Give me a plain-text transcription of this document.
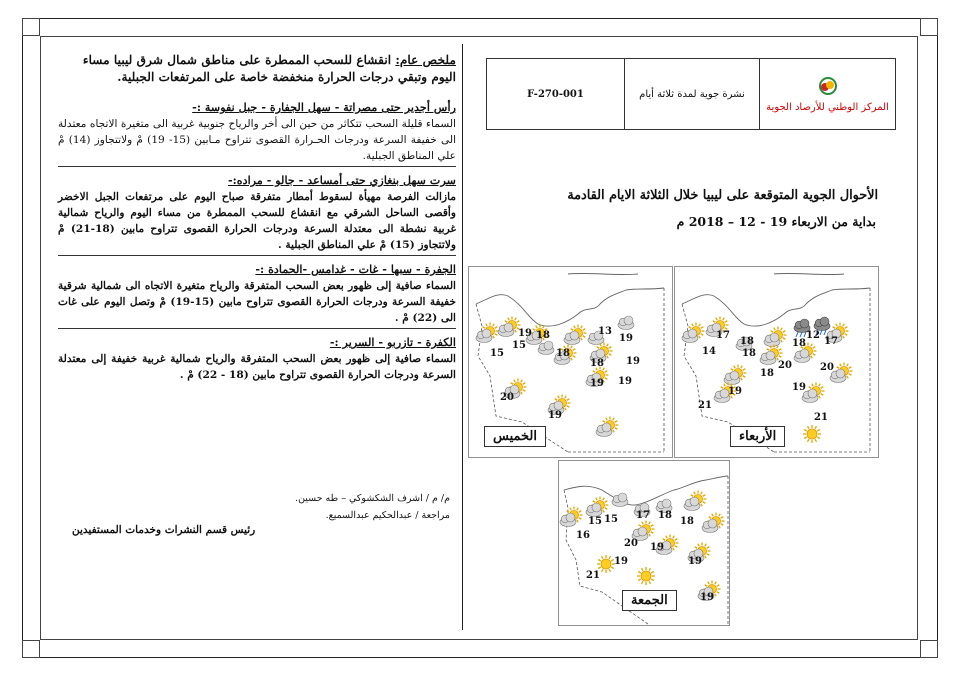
ملخص عام: انقشاع للسحب الممطرة على مناطق شمال شرق ليبيا مساء اليوم وتبقي درجات الحرارة منخفضة خاصة على المرتفعات الجبلية.

رأس أجدير حتى مصراتة - سهل الجفارة - جبل نفوسة :-

السماء قليلة السحب تتكاثر من حين الى أخر والرياح جنوبية غربية الى متغيرة الاتجاه معتدلة الى خفيفة السرعة ودرجات الحـرارة القصوى تتراوح مـابين (15- 19) مْ ولاتتجاوز (14) مْ علي المناطق الجبلية.

سرت سهل بنغازي حتى أمساعد - جالو - مراده:-

مازالت الفرصة مهيأة لسقوط أمطار متفرقة صباح اليوم على مرتفعات الجبل الاخضر وأقصى الساحل الشرقي مع انقشاع للسحب الممطرة من مساء اليوم والرياح شمالية غربية نشطة الى معتدلة السرعة ودرجات الحرارة القصوى تتراوح مابين (18-21) مْ ولاتتجاوز (15) مْ علي المناطق الجبلية .

الجفرة - سبها - غات - غدامس -الحمادة :-

السماء صافية إلى ظهور بعض السحب المتفرقة والرياح متغيرة الاتجاه الى شمالية شرقية خفيفة السرعة ودرجات الحرارة القصوى تتراوح مابين (15-19) مْ وتصل اليوم على غات الى (22) مْ .

الكفرة - تازربو - السرير :-

السماء صافية إلى ظهور بعض السحب المتفرقة والرياح شمالية غربية خفيفة إلى معتدلة السرعة ودرجات الحرارة القصوى تتراوح مابين (18 - 22) مْ .

م/ م / اشرف الشكشوكي – طه حسين.
مراجعة / عبدالحكيم عبدالسميع.
رئيس قسم النشرات وخدمات المستفيدين
F-270-001	نشرة جوية لمدة ثلاثة أيام
المركز الوطني للأرصاد الجوية
الأحوال الجوية المتوقعة على ليبيا خلال الثلاثة الايام القادمة
بداية من الاربعاء 19 - 12 – 2018 م
19 18	13
15
15
18
18
19
19
19
19
20
19
الخميس
17
18
12
14	18
18 17
18
20	20
19
21
19
21
الأربعاء
17
15 15	18
18
16
20 19
19
19
21
19
الجمعة
